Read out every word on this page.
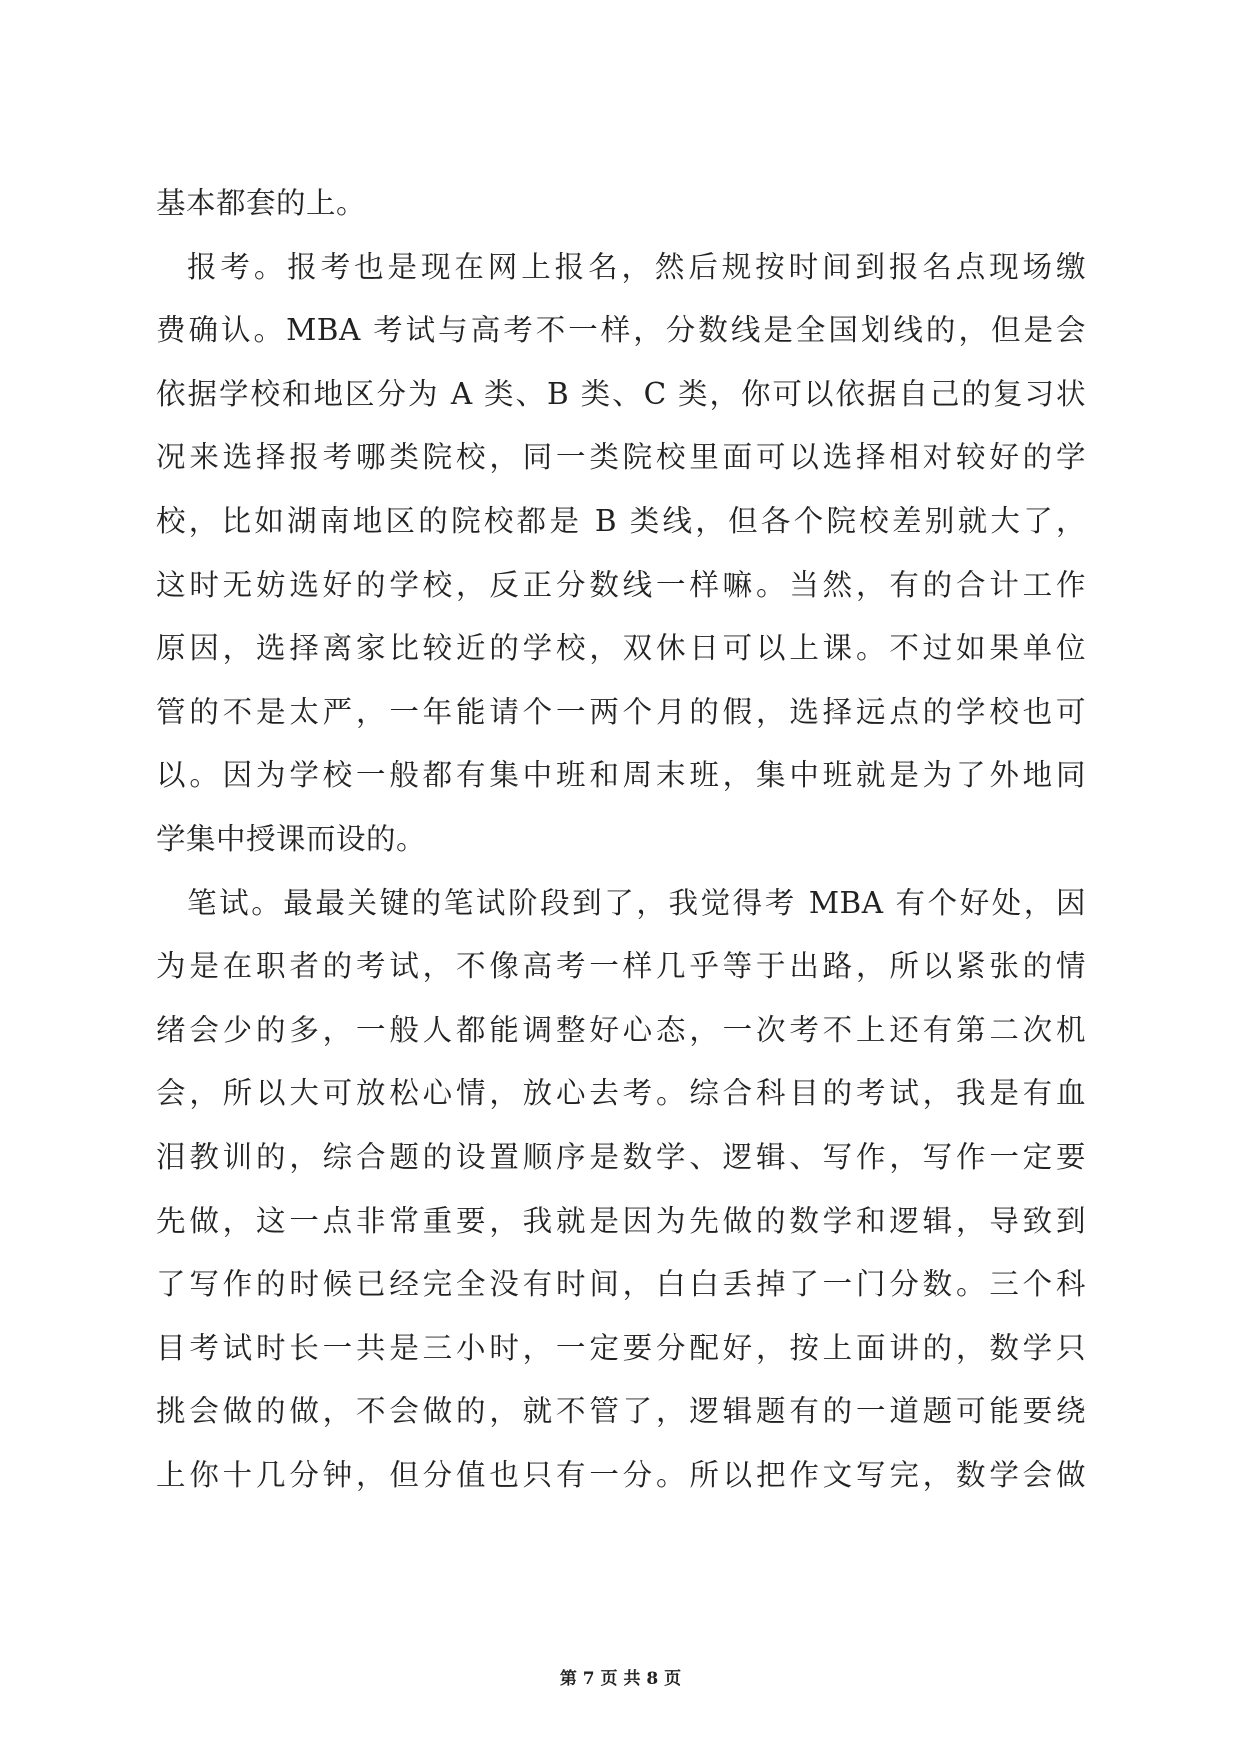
基本都套的上。
报考。报考也是现在网上报名，然后规按时间到报名点现场缴
费确认。MBA 考试与高考不一样，分数线是全国划线的，但是会
依据学校和地区分为 A 类、B 类、C 类，你可以依据自己的复习状
况来选择报考哪类院校，同一类院校里面可以选择相对较好的学
校，比如湖南地区的院校都是 B 类线，但各个院校差别就大了，
这时无妨选好的学校，反正分数线一样嘛。当然，有的合计工作
原因，选择离家比较近的学校，双休日可以上课。不过如果单位
管的不是太严，一年能请个一两个月的假，选择远点的学校也可
以。因为学校一般都有集中班和周末班，集中班就是为了外地同
学集中授课而设的。
笔试。最最关键的笔试阶段到了，我觉得考 MBA 有个好处，因
为是在职者的考试，不像高考一样几乎等于出路，所以紧张的情
绪会少的多，一般人都能调整好心态，一次考不上还有第二次机
会，所以大可放松心情，放心去考。综合科目的考试，我是有血
泪教训的，综合题的设置顺序是数学、逻辑、写作，写作一定要
先做，这一点非常重要，我就是因为先做的数学和逻辑，导致到
了写作的时候已经完全没有时间，白白丢掉了一门分数。三个科
目考试时长一共是三小时，一定要分配好，按上面讲的，数学只
挑会做的做，不会做的，就不管了，逻辑题有的一道题可能要绕
上你十几分钟，但分值也只有一分。所以把作文写完，数学会做
第 7 页 共 8 页
